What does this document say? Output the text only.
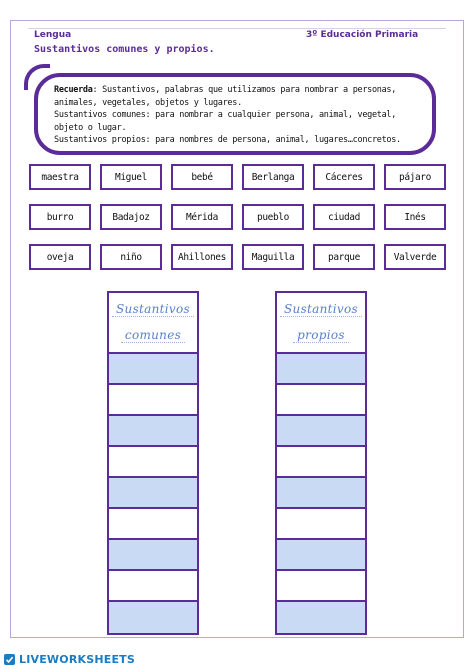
Lengua	3º Educación Primaria
Sustantivos comunes y propios.

Recuerda: Sustantivos, palabras que utilizamos para nombrar a personas, animales, vegetales, objetos y lugares.

Sustantivos comunes: para nombrar a cualquier persona, animal, vegetal, objeto o lugar.

Sustantivos propios: para nombres de persona, animal, lugares…concretos.

maestra	Miguel	bebé	Berlanga	Cáceres	pájaro
burro	Badajoz	Mérida	pueblo	ciudad	Inés
oveja	niño	Ahillones	Maguilla	parque	Valverde
Sustantivos
comunes
Sustantivos
propios
LIVEWORKSHEETS
